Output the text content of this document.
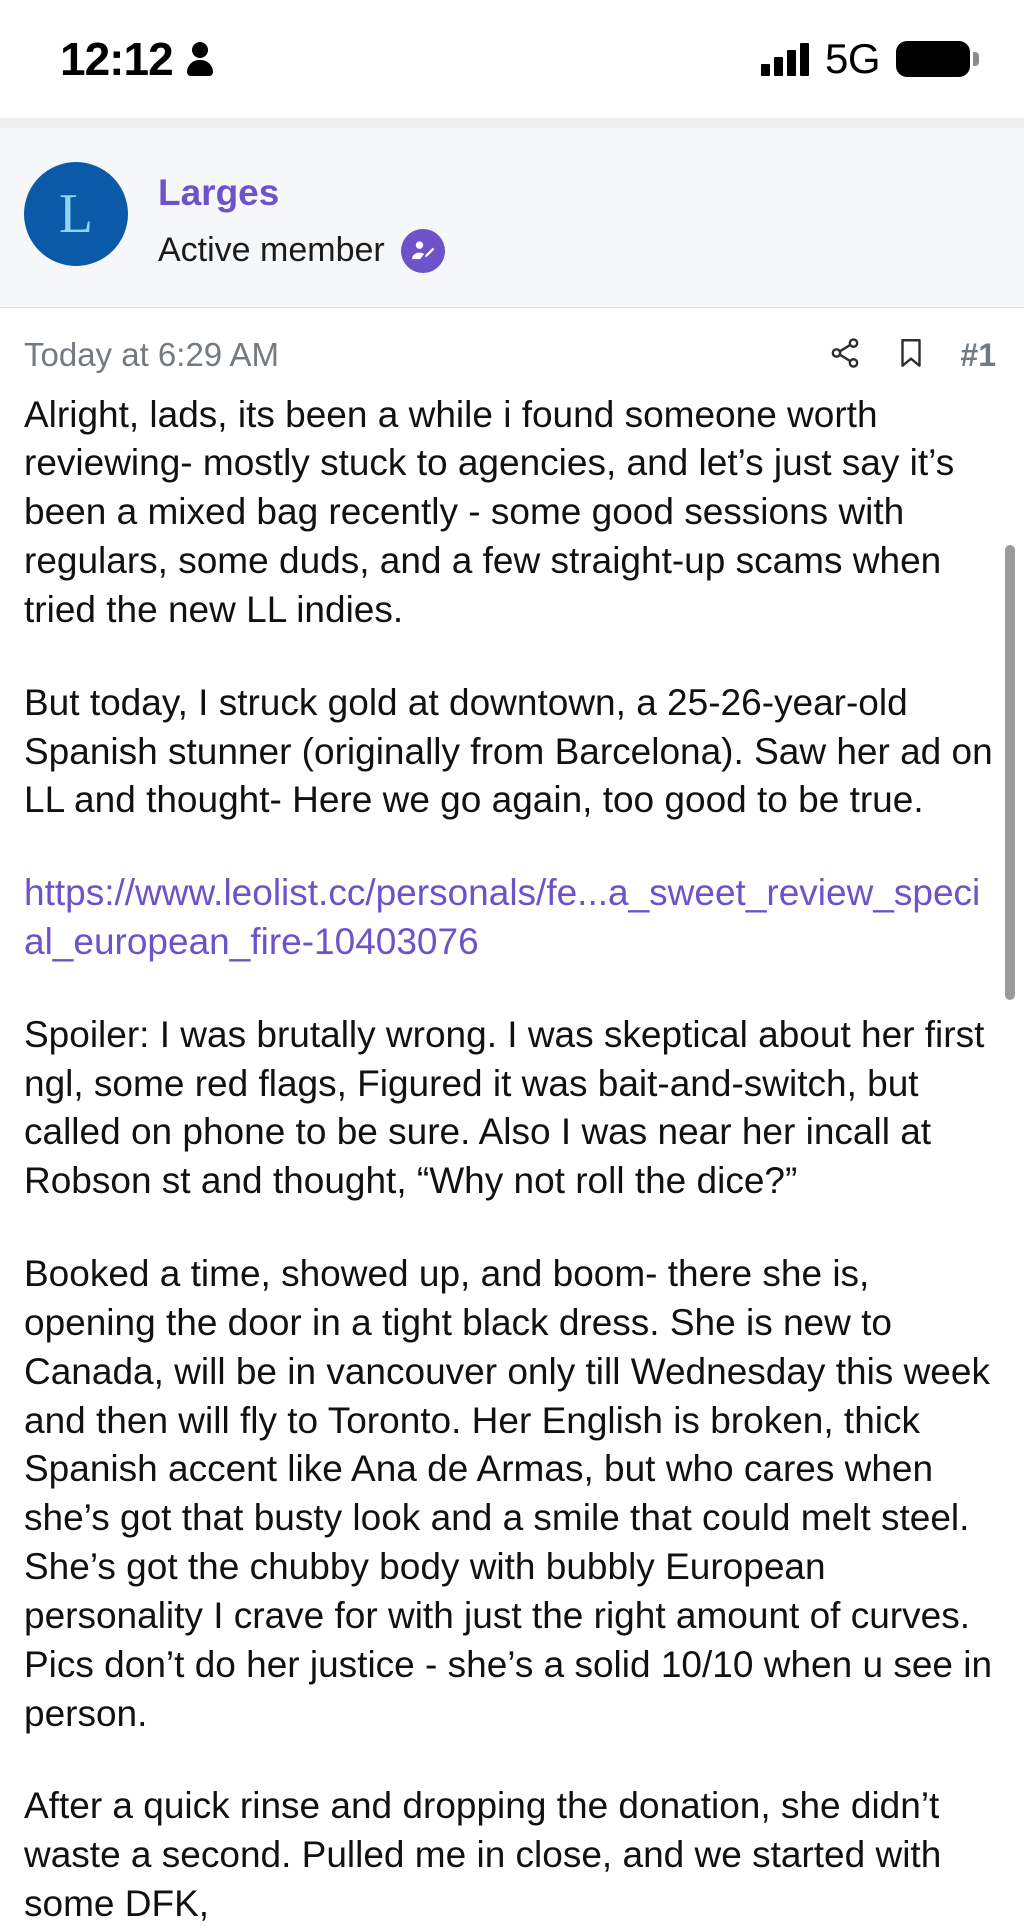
12:12	5G
L	Larges
Active member
Today at 6:29 AM	#1

Alright, lads, its been a while i found someone worth reviewing- mostly stuck to agencies, and let’s just say it’s been a mixed bag recently - some good sessions with regulars, some duds, and a few straight-up scams when tried the new LL indies.

But today, I struck gold at downtown, a 25-26-year-old Spanish stunner (originally from Barcelona). Saw her ad on LL and thought- Here we go again, too good to be true.

https://www.leolist.cc/personals/fe...a_sweet_review_special_european_fire-10403076

Spoiler: I was brutally wrong. I was skeptical about her first ngl, some red flags, Figured it was bait-and-switch, but called on phone to be sure. Also I was near her incall at Robson st and thought, “Why not roll the dice?”

Booked a time, showed up, and boom- there she is, opening the door in a tight black dress. She is new to Canada, will be in vancouver only till Wednesday this week and then will fly to Toronto. Her English is broken, thick Spanish accent like Ana de Armas, but who cares when she’s got that busty look and a smile that could melt steel. She’s got the chubby body with bubbly European personality I crave for with just the right amount of curves. Pics don’t do her justice - she’s a solid 10/10 when u see in person.

After a quick rinse and dropping the donation, she didn’t waste a second. Pulled me in close, and we started with some DFK,
